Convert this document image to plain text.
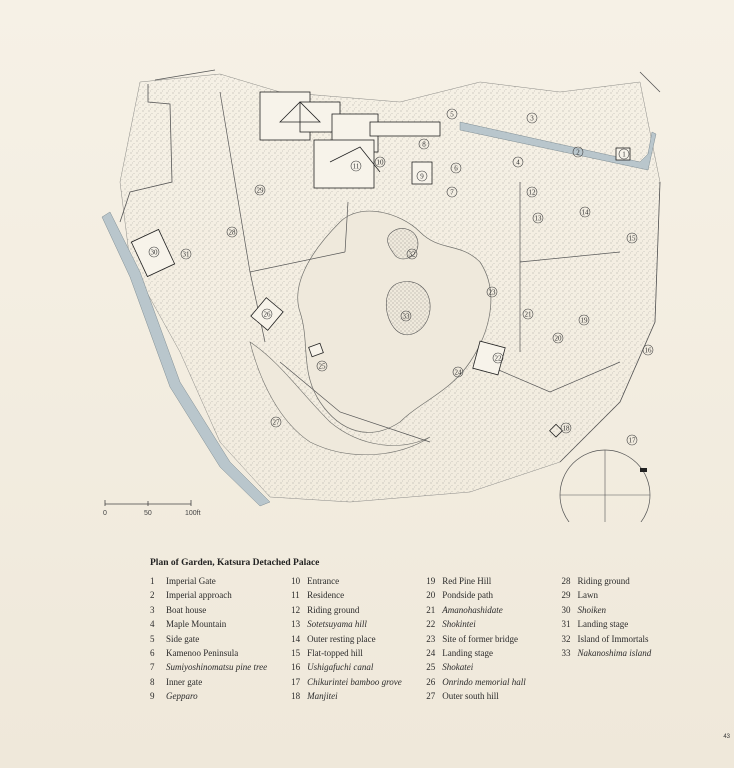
1
2
3
4
5
6
7
8
9
10
11
12
13
14
15
16
17
18
19
20
21
22
23
24
25
26
27
28
29
30	31	32
33
0	50	100ft
Plan of Garden, Katsura Detached Palace
1	Imperial Gate
2	Imperial approach
3	Boat house
4	Maple Mountain
5	Side gate
6	Kamenoo Peninsula
7	Sumiyoshinomatsu pine tree
8	Inner gate
9	Gepparo
10 Entrance
11 Residence
12 Riding ground
13 Sotetsuyama hill
14 Outer resting place
15 Flat-topped hill
16 Ushigafuchi canal
17 Chikurintei bamboo grove
18 Manjitei
19 Red Pine Hill
20 Pondside path
21 Amanohashidate
22 Shokintei
23 Site of former bridge
24 Landing stage
25 Shokatei
26 Onrindo memorial hall
27 Outer south hill
28 Riding ground
29 Lawn
30 Shoiken
31 Landing stage
32 Island of Immortals
33 Nakanoshima island
43
